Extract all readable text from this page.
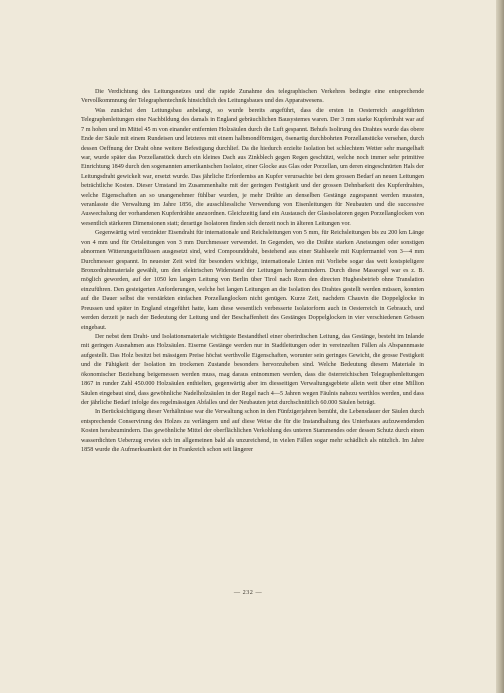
Die Verdichtung des Leitungsnetzes und die rapide Zunahme des telegraphischen Verkehres bedingte eine entsprechende Vervollkommnung der Telegraphentechnik hinsichtlich des Leitungsbaues und des Apparatwesens.

Was zunächst den Leitungsbau anbelangt, so wurde bereits angeführt, dass die ersten in Oesterreich ausgeführten Telegraphenleitungen eine Nachbildung des damals in England gebräuchlichen Bausystemes waren. Der 3 mm starke Kupferdraht war auf 7 m hohen und im Mittel 45 m von einander entfernten Holzsäulen durch die Luft gespannt. Behufs Isolirung des Drahtes wurde das obere Ende der Säule mit einem Rundeisen und letzteres mit einem halbmondförmigen, ösenartig durchbohrten Porzellanstücke versehen, durch dessen Oeffnung der Draht ohne weitere Befestigung durchlief. Da die hiedurch erzielte Isolation bei schlechtem Wetter sehr mangelhaft war, wurde später das Porzellanstück durch ein kleines Dach aus Zinkblech gegen Regen geschützt, welche noch immer sehr primitive Einrichtung 1849 durch den sogenannten amerikanischen Isolator, einer Glocke aus Glas oder Porzellan, um deren eingeschnürten Hals der Leitungsdraht gewickelt war, ersetzt wurde. Das jährliche Erforderniss an Kupfer verursachte bei dem grossen Bedarf an neuen Leitungen beträchtliche Kosten. Dieser Umstand im Zusammenhalte mit der geringen Festigkeit und der grossen Dehnbarkeit des Kupferdrahtes, welche Eigenschaften an so unangenehmer fühlbar wurden, je mehr Drähte an denselben Gestänge zugespannt werden mussten, veranlasste die Verwaltung im Jahre 1856, die ausschliessliche Verwendung von Eisenleitungen für Neubauten und die successive Auswechslung der vorhandenen Kupferdrähte anzuordnen. Gleichzeitig fand ein Austausch der Glasisolatoren gegen Porzellanglocken von wesentlich stärkeren Dimensionen statt; derartige Isolatoren finden sich derzeit noch in älteren Leitungen vor.

Gegenwärtig wird verzinkter Eisendraht für internationale und Reichsleitungen von 5 mm, für Reichsleitungen bis zu 200 km Länge von 4 mm und für Ortsleitungen von 3 mm Durchmesser verwendet. In Gegenden, wo die Drähte starken Aneisungen oder sonstigen abnormen Witterungseinflüssen ausgesetzt sind, wird Compounddraht, bestehend aus einer Stahlseele mit Kupfermantel von 3—4 mm Durchmesser gespannt. In neuester Zeit wird für besonders wichtige, internationale Linien mit Vorliebe sogar das weit kostspieligere Bronzedrahtmateriale gewählt, um den elektrischen Widerstand der Leitungen herabzumindern. Durch diese Massregel war es z. B. möglich geworden, auf der 1050 km langen Leitung von Berlin über Tirol nach Rom den directen Hughesbetrieb ohne Translation einzuführen. Den gesteigerten Anforderungen, welche bei langen Leitungen an die Isolation des Drahtes gestellt werden müssen, konnten auf die Dauer selbst die verstärkten einfachen Porzellanglocken nicht genügen. Kurze Zeit, nachdem Chauvin die Doppelglocke in Preussen und später in England eingeführt hatte, kam diese wesentlich verbesserte Isolatorform auch in Oesterreich in Gebrauch, und werden derzeit je nach der Bedeutung der Leitung und der Beschaffenheit des Gestänges Doppelglocken in vier verschiedenen Grössen eingebaut.

Der nebst dem Draht- und Isolationsmateriale wichtigste Bestandtheil einer oberirdischen Leitung, das Gestänge, besteht im Inlande mit geringen Ausnahmen aus Holzsäulen. Eiserne Gestänge werden nur in Stadtleitungen oder in vereinzelten Fällen als Abspannmaste aufgestellt. Das Holz besitzt bei mässigem Preise höchst werthvolle Eigenschaften, worunter sein geringes Gewicht, die grosse Festigkeit und die Fähigkeit der Isolation im trockenen Zustande besonders hervorzuheben sind. Welche Bedeutung diesem Materiale in ökonomischer Beziehung beigemessen werden muss, mag daraus entnommen werden, dass die österreichischen Telegraphenleitungen 1867 in runder Zahl 450.000 Holzsäulen enthielten, gegenwärtig aber im diesseitigen Verwaltungsgebiete allein weit über eine Million Säulen eingebaut sind, dass gewöhnliche Nadelholzsäulen in der Regel nach 4—5 Jahren wegen Fäulnis nahezu werthlos werden, und dass der jährliche Bedarf infolge des regelmässigen Abfalles und der Neubauten jetzt durchschnittlich 60.000 Säulen beträgt.

In Berücksichtigung dieser Verhältnisse war die Verwaltung schon in den Fünfzigerjahren bemüht, die Lebensdauer der Säulen durch entsprechende Conservirung des Holzes zu verlängern und auf diese Weise die für die Instandhaltung des Unterbaues aufzuwendenden Kosten herabzumindern. Das gewöhnliche Mittel der oberflächlichen Verkohlung des unteren Stammendes oder dessen Schutz durch einen wasserdichten Ueberzug erwies sich im allgemeinen bald als unzureichend, in vielen Fällen sogar mehr schädlich als nützlich. Im Jahre 1858 wurde die Aufmerksamkeit der in Frankreich schon seit längerer

— 232 —
